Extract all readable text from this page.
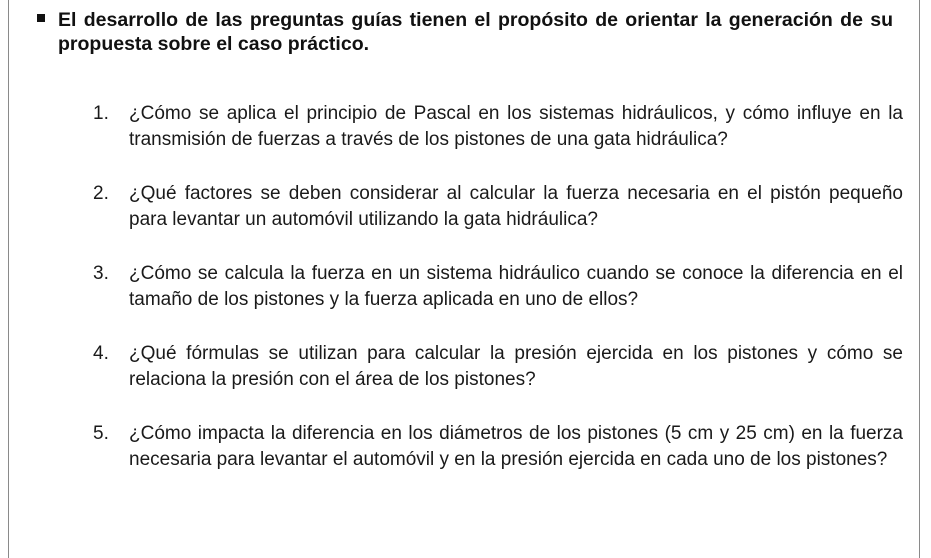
El desarrollo de las preguntas guías tienen el propósito de orientar la generación de su propuesta sobre el caso práctico.
1.	¿Cómo se aplica el principio de Pascal en los sistemas hidráulicos, y cómo influye en la transmisión de fuerzas a través de los pistones de una gata hidráulica?
2.	¿Qué factores se deben considerar al calcular la fuerza necesaria en el pistón pequeño para levantar un automóvil utilizando la gata hidráulica?
3.	¿Cómo se calcula la fuerza en un sistema hidráulico cuando se conoce la diferencia en el tamaño de los pistones y la fuerza aplicada en uno de ellos?
4.	¿Qué fórmulas se utilizan para calcular la presión ejercida en los pistones y cómo se relaciona la presión con el área de los pistones?
5.	¿Cómo impacta la diferencia en los diámetros de los pistones (5 cm y 25 cm) en la fuerza necesaria para levantar el automóvil y en la presión ejercida en cada uno de los pistones?
